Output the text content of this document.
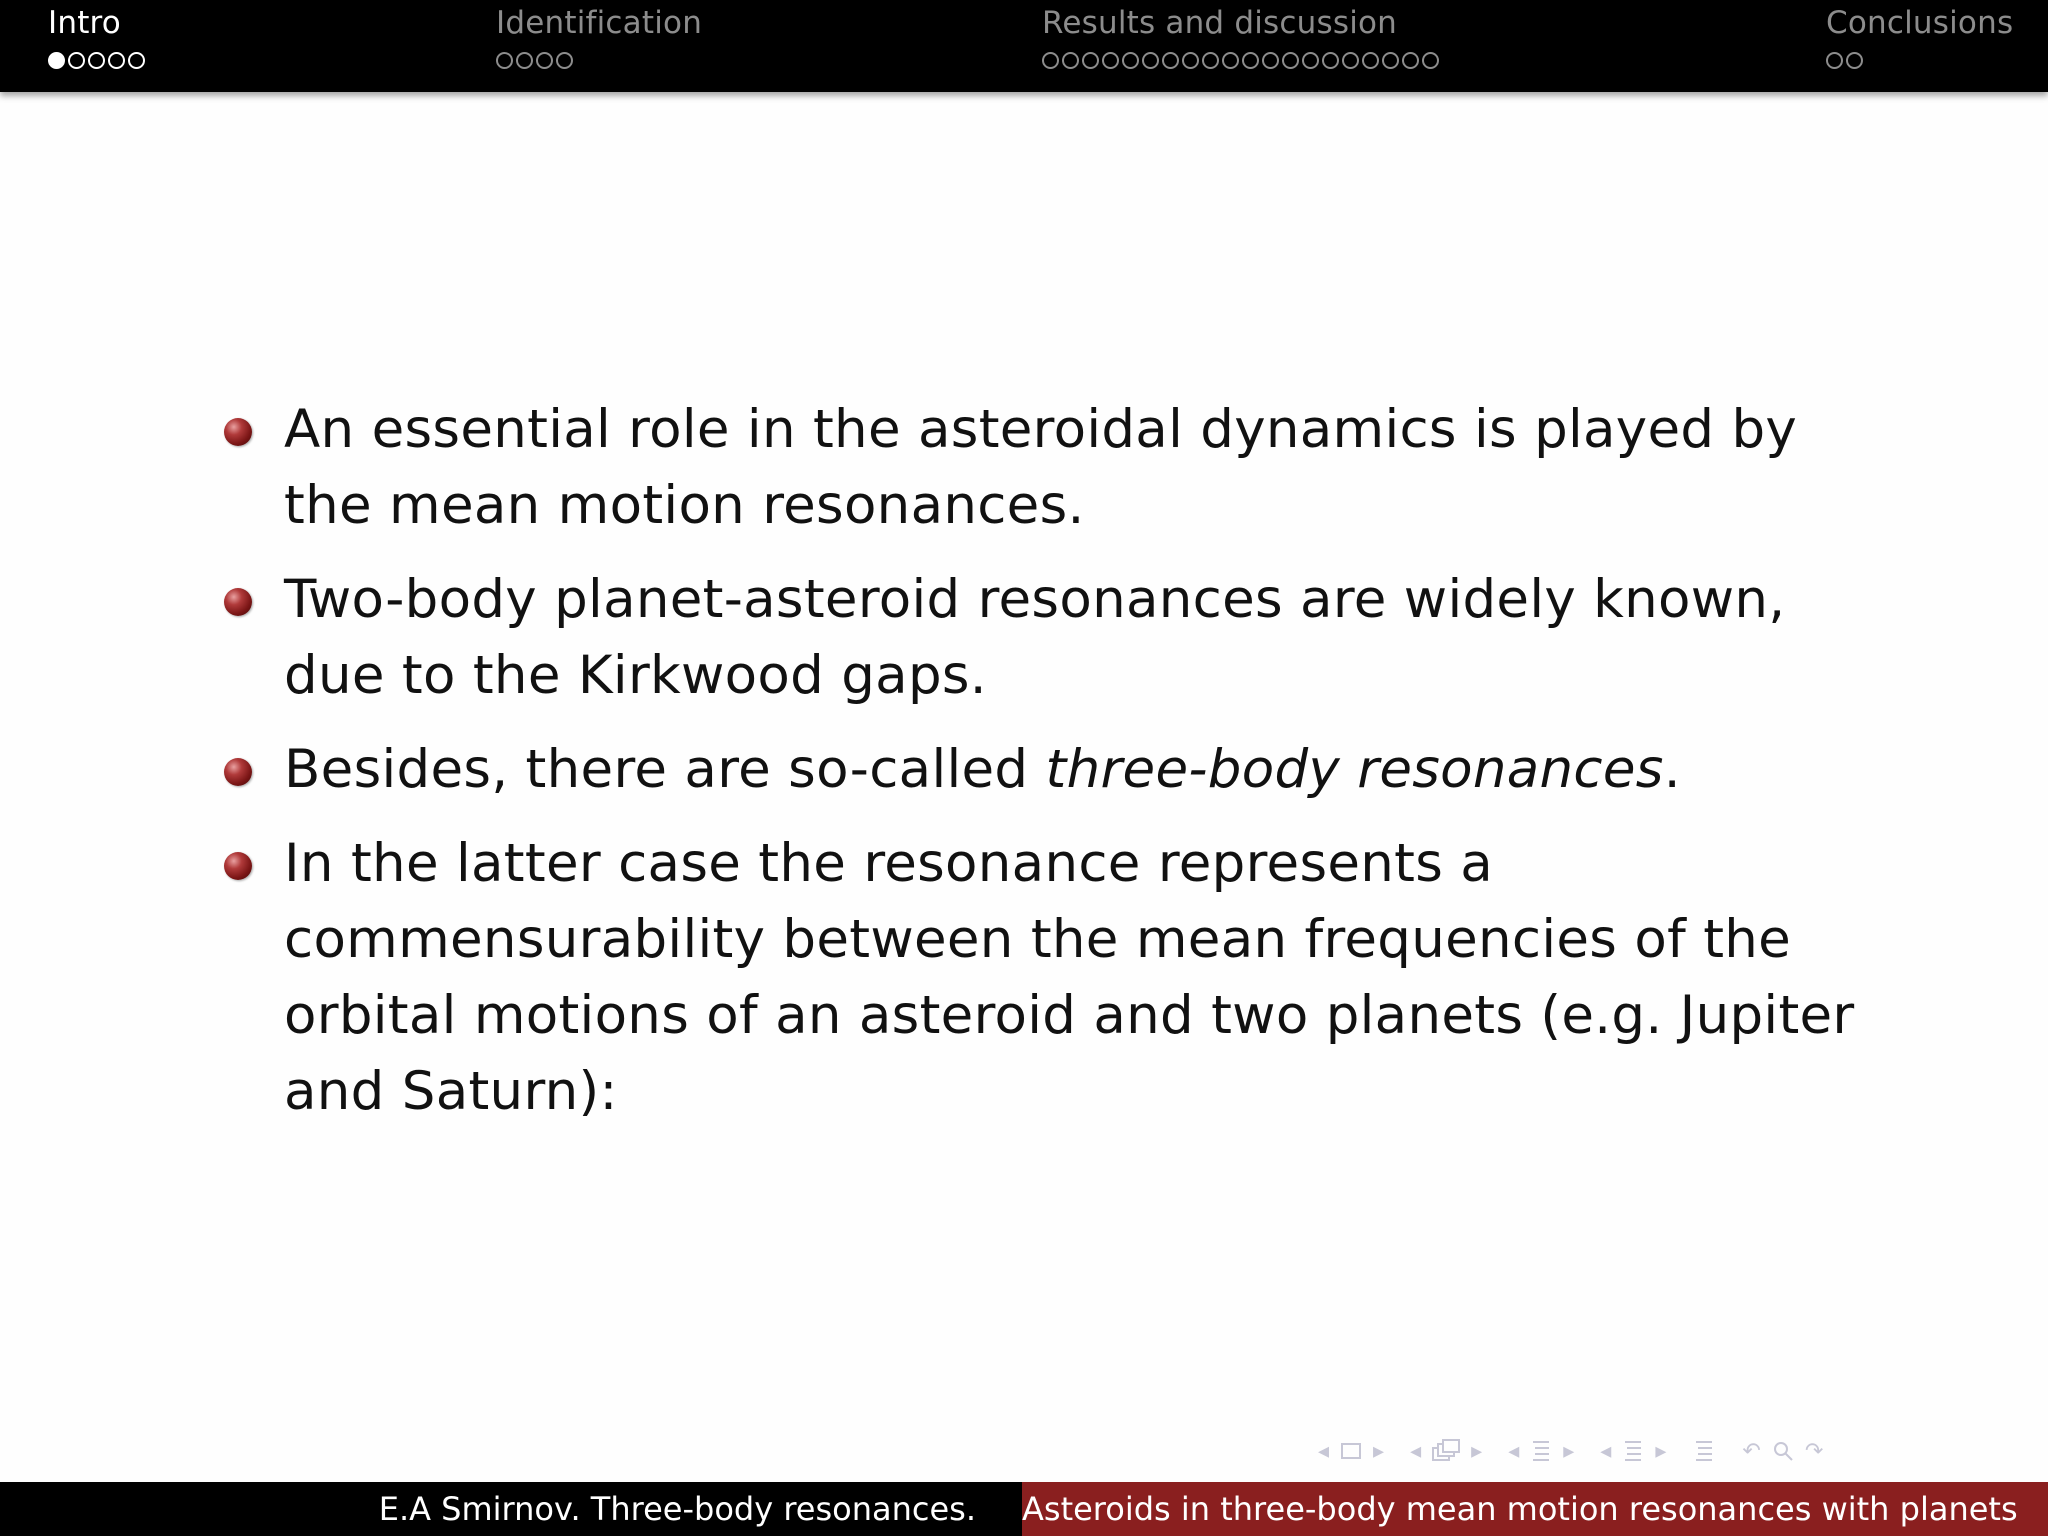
Intro	Identification	Results and discussion	Conclusions
An essential role in the asteroidal dynamics is played by the mean motion resonances.
Two-body planet-asteroid resonances are widely known, due to the Kirkwood gaps.
Besides, there are so-called three-body resonances.
In the latter case the resonance represents a commensurability between the mean frequencies of the orbital motions of an asteroid and two planets (e.g. Jupiter and Saturn):
◂ ▸ ◂ ▸ ◂ ▸ ◂ ▸	↶ ↷
E.A Smirnov. Three-body resonances.	Asteroids in three-body mean motion resonances with planets
